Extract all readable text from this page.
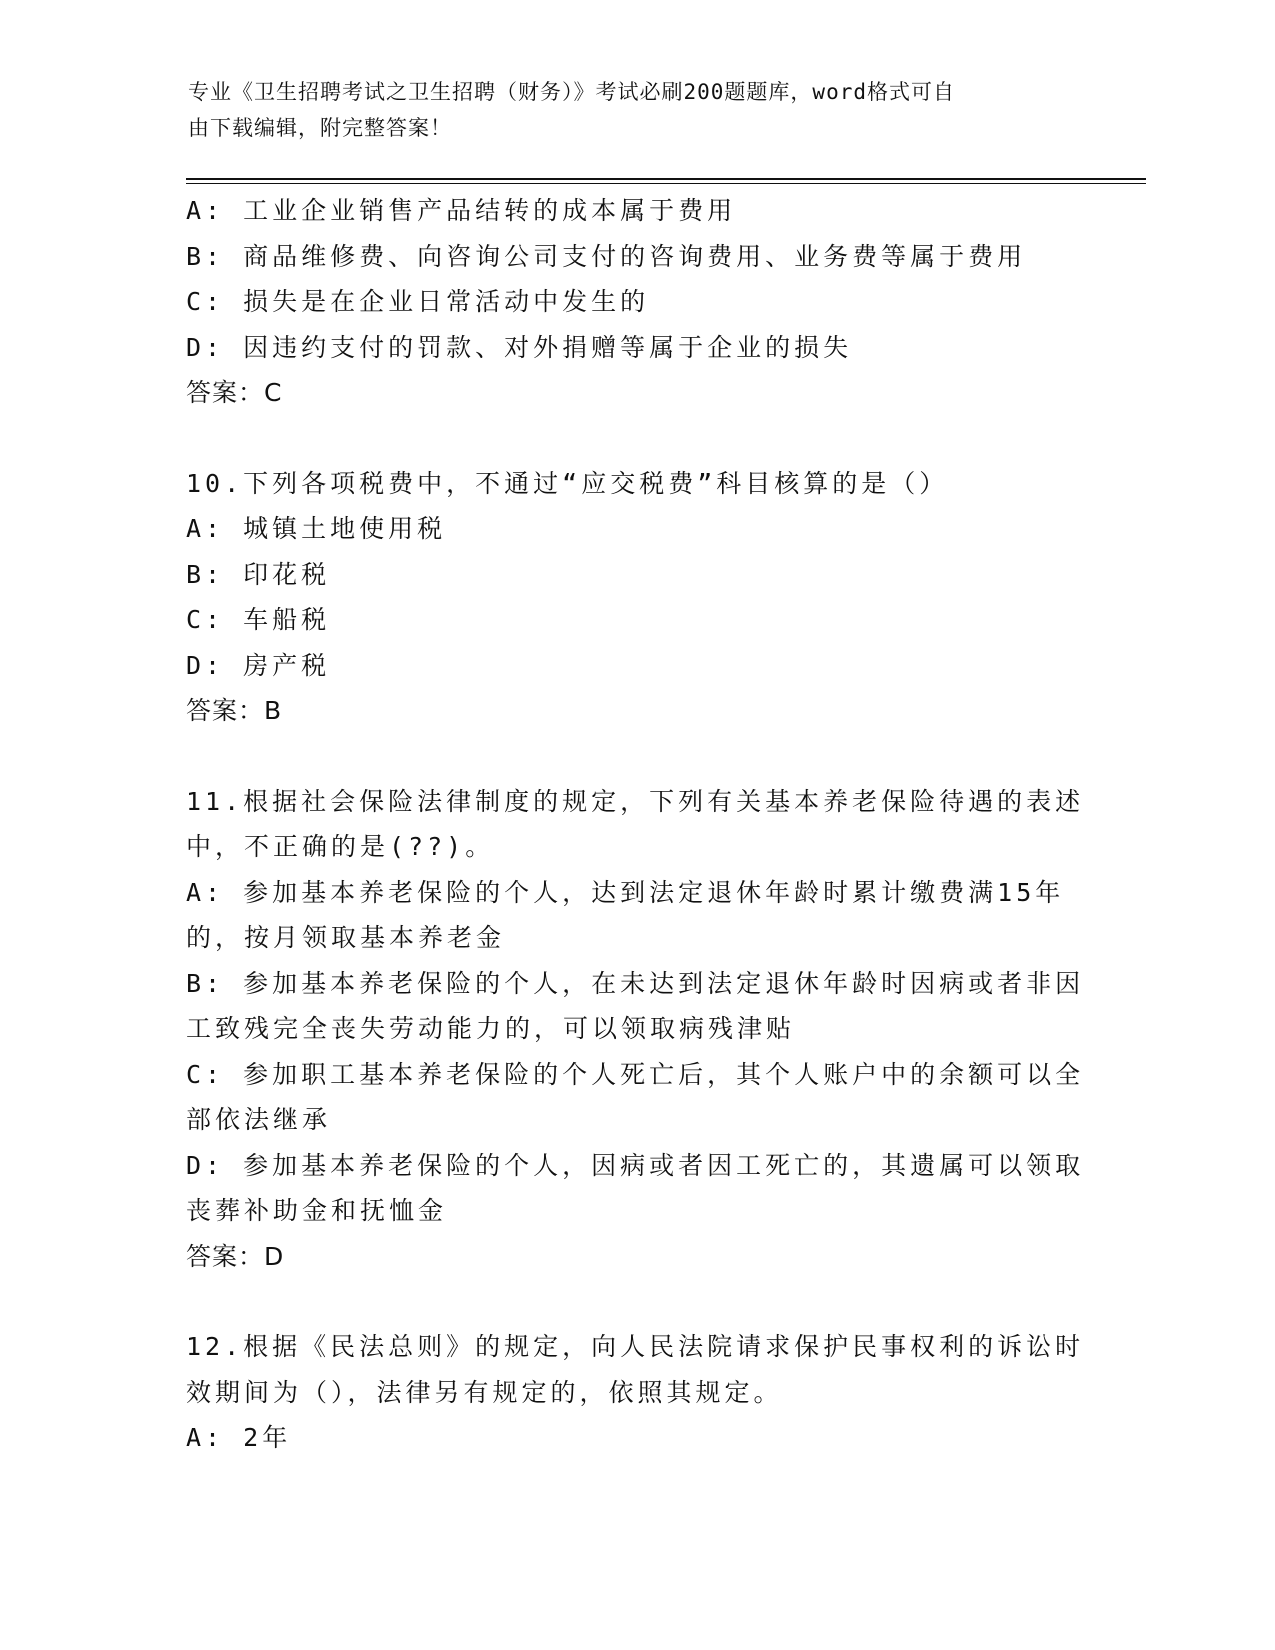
专业《卫生招聘考试之卫生招聘（财务）》考试必刷200题题库，word格式可自
由下载编辑，附完整答案！
A: 工业企业销售产品结转的成本属于费用
B: 商品维修费、向咨询公司支付的咨询费用、业务费等属于费用
C: 损失是在企业日常活动中发生的
D: 因违约支付的罚款、对外捐赠等属于企业的损失
答案：C
10.下列各项税费中，不通过“应交税费”科目核算的是（）
A: 城镇土地使用税
B: 印花税
C: 车船税
D: 房产税
答案：B
11.根据社会保险法律制度的规定，下列有关基本养老保险待遇的表述
中，不正确的是(??)。
A: 参加基本养老保险的个人，达到法定退休年龄时累计缴费满15年
的，按月领取基本养老金
B: 参加基本养老保险的个人，在未达到法定退休年龄时因病或者非因
工致残完全丧失劳动能力的，可以领取病残津贴
C: 参加职工基本养老保险的个人死亡后，其个人账户中的余额可以全
部依法继承
D: 参加基本养老保险的个人，因病或者因工死亡的，其遗属可以领取
丧葬补助金和抚恤金
答案：D
12.根据《民法总则》的规定，向人民法院请求保护民事权利的诉讼时
效期间为（），法律另有规定的，依照其规定。
A: 2年
